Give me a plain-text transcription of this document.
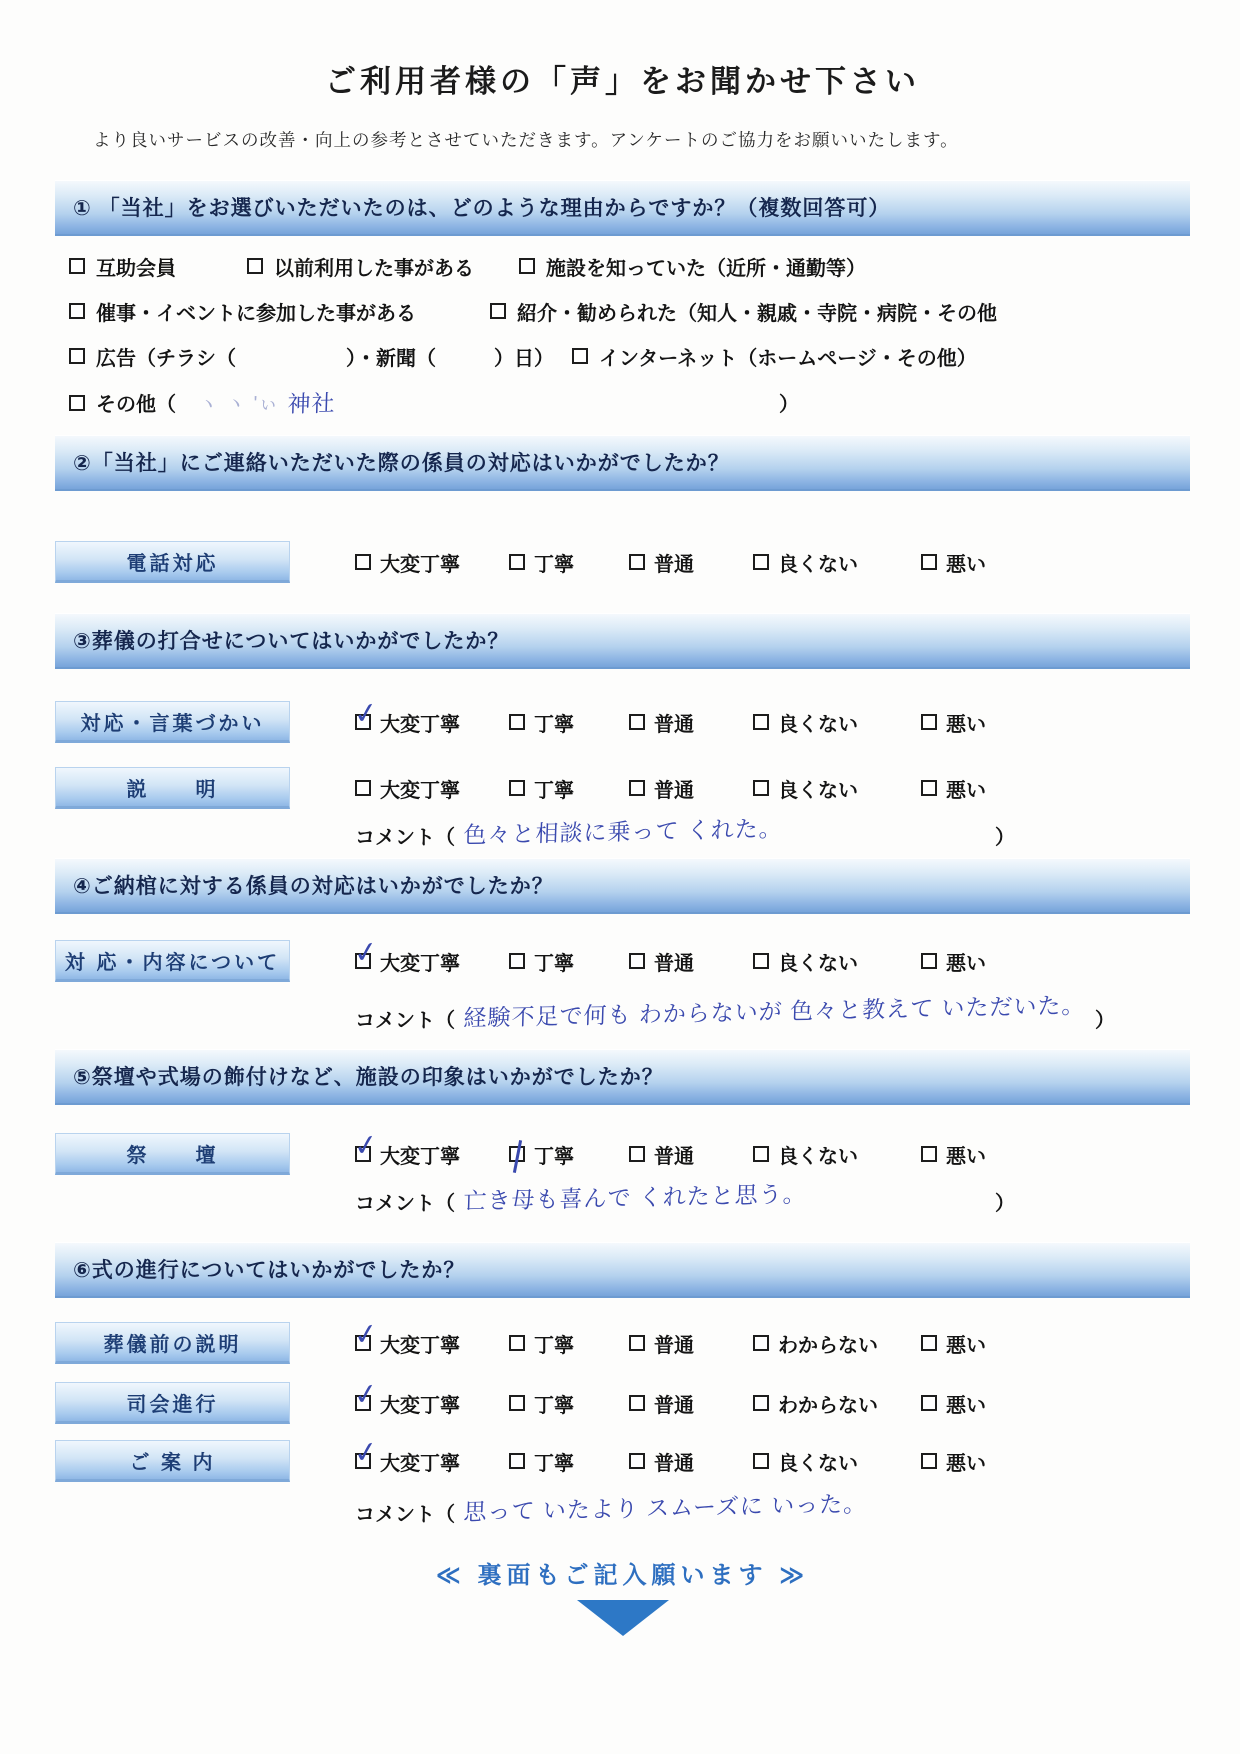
ご利用者様の「声」をお聞かせ下さい

より良いサービスの改善・向上の参考とさせていただきます。アンケートのご協力をお願いいたします。

① 「当社」をお選びいただいたのは、どのような理由からですか？（複数回答可）
互助会員	以前利用した事がある	施設を知っていた（近所・通勤等）
催事・イベントに参加した事がある	紹介・勧められた（知人・親戚・寺院・病院・その他
広告（チラシ（	）・新聞（	）日） インターネット（ホームページ・その他）
その他（ ヽ ヽ 'ぃ 神社	）
②「当社」にご連絡いただいた際の係員の対応はいかがでしたか？
電話対応	大変丁寧	丁寧	普通	良くない	悪い
③葬儀の打合せについてはいかがでしたか？
対応・言葉づかい	✓ 大変丁寧	丁寧	普通	良くない	悪い
説　　明	大変丁寧	丁寧	普通	良くない	悪い
コメント（ 色々と相談に乗って くれた。	）
④ご納棺に対する係員の対応はいかがでしたか？
対 応・内容について ✓ 大変丁寧	丁寧	普通	良くない	悪い
コメント（ 経験不足で何も わからないが 色々と教えて いただいた。 ）
⑤祭壇や式場の飾付けなど、施設の印象はいかがでしたか？
祭　　壇	✓ 大変丁寧	丁寧	普通	良くない	悪い
コメント（ 亡き母も喜んで くれたと思う。	）
⑥式の進行についてはいかがでしたか？
葬儀前の説明	✓ 大変丁寧	丁寧	普通	わからない	悪い
司会進行	✓ 大変丁寧	丁寧	普通	わからない	悪い
ご 案 内	✓ 大変丁寧	丁寧	普通	良くない	悪い
コメント（ 思って いたより スムーズに いった。
≪ 裏面もご記入願います ≫
